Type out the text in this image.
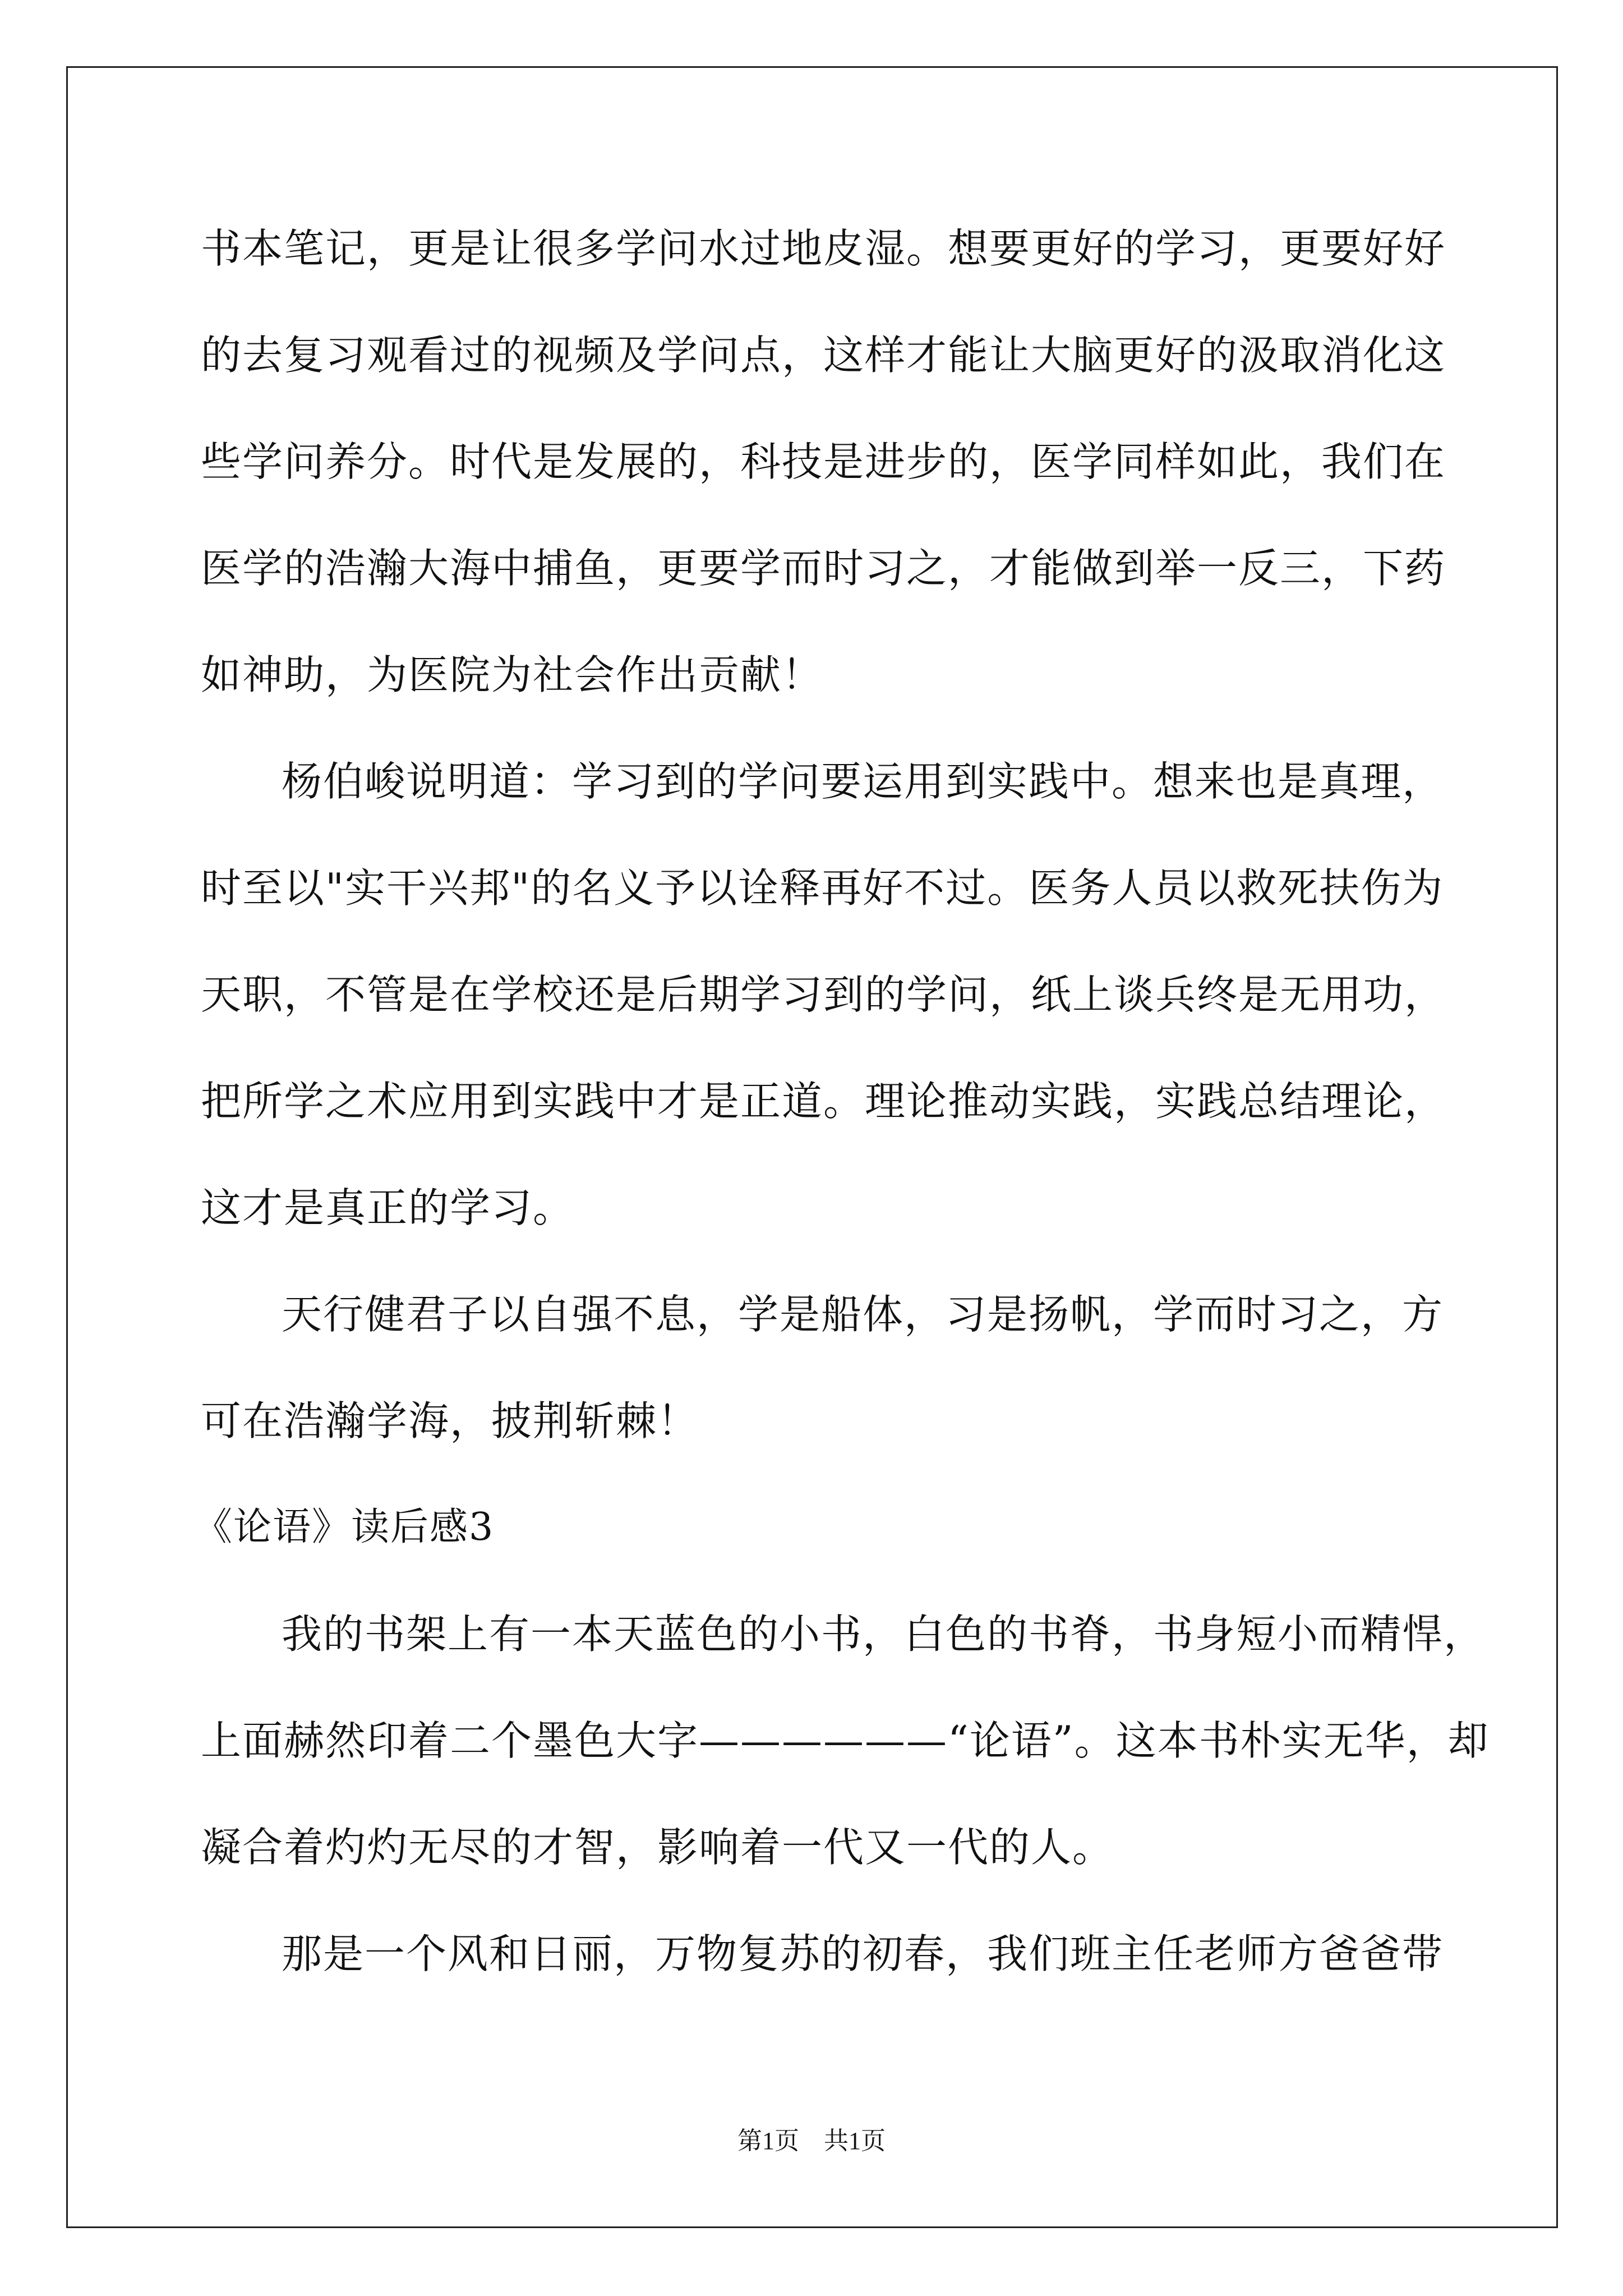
书本笔记，更是让很多学问水过地皮湿。想要更好的学习，更要好好
的去复习观看过的视频及学问点，这样才能让大脑更好的汲取消化这
些学问养分。时代是发展的，科技是进步的，医学同样如此，我们在
医学的浩瀚大海中捕鱼，更要学而时习之，才能做到举一反三，下药
如神助，为医院为社会作出贡献！
杨伯峻说明道：学习到的学问要运用到实践中。想来也是真理，
时至以"实干兴邦"的名义予以诠释再好不过。医务人员以救死扶伤为
天职，不管是在学校还是后期学习到的学问，纸上谈兵终是无用功，
把所学之术应用到实践中才是正道。理论推动实践，实践总结理论，
这才是真正的学习。
天行健君子以自强不息，学是船体，习是扬帆，学而时习之，方
可在浩瀚学海，披荆斩棘！
《论语》读后感3
我的书架上有一本天蓝色的小书，白色的书脊，书身短小而精悍，
上面赫然印着二个墨色大字——————“论语”。这本书朴实无华，却
凝合着灼灼无尽的才智，影响着一代又一代的人。
那是一个风和日丽，万物复苏的初春，我们班主任老师方爸爸带
第1页　共1页
